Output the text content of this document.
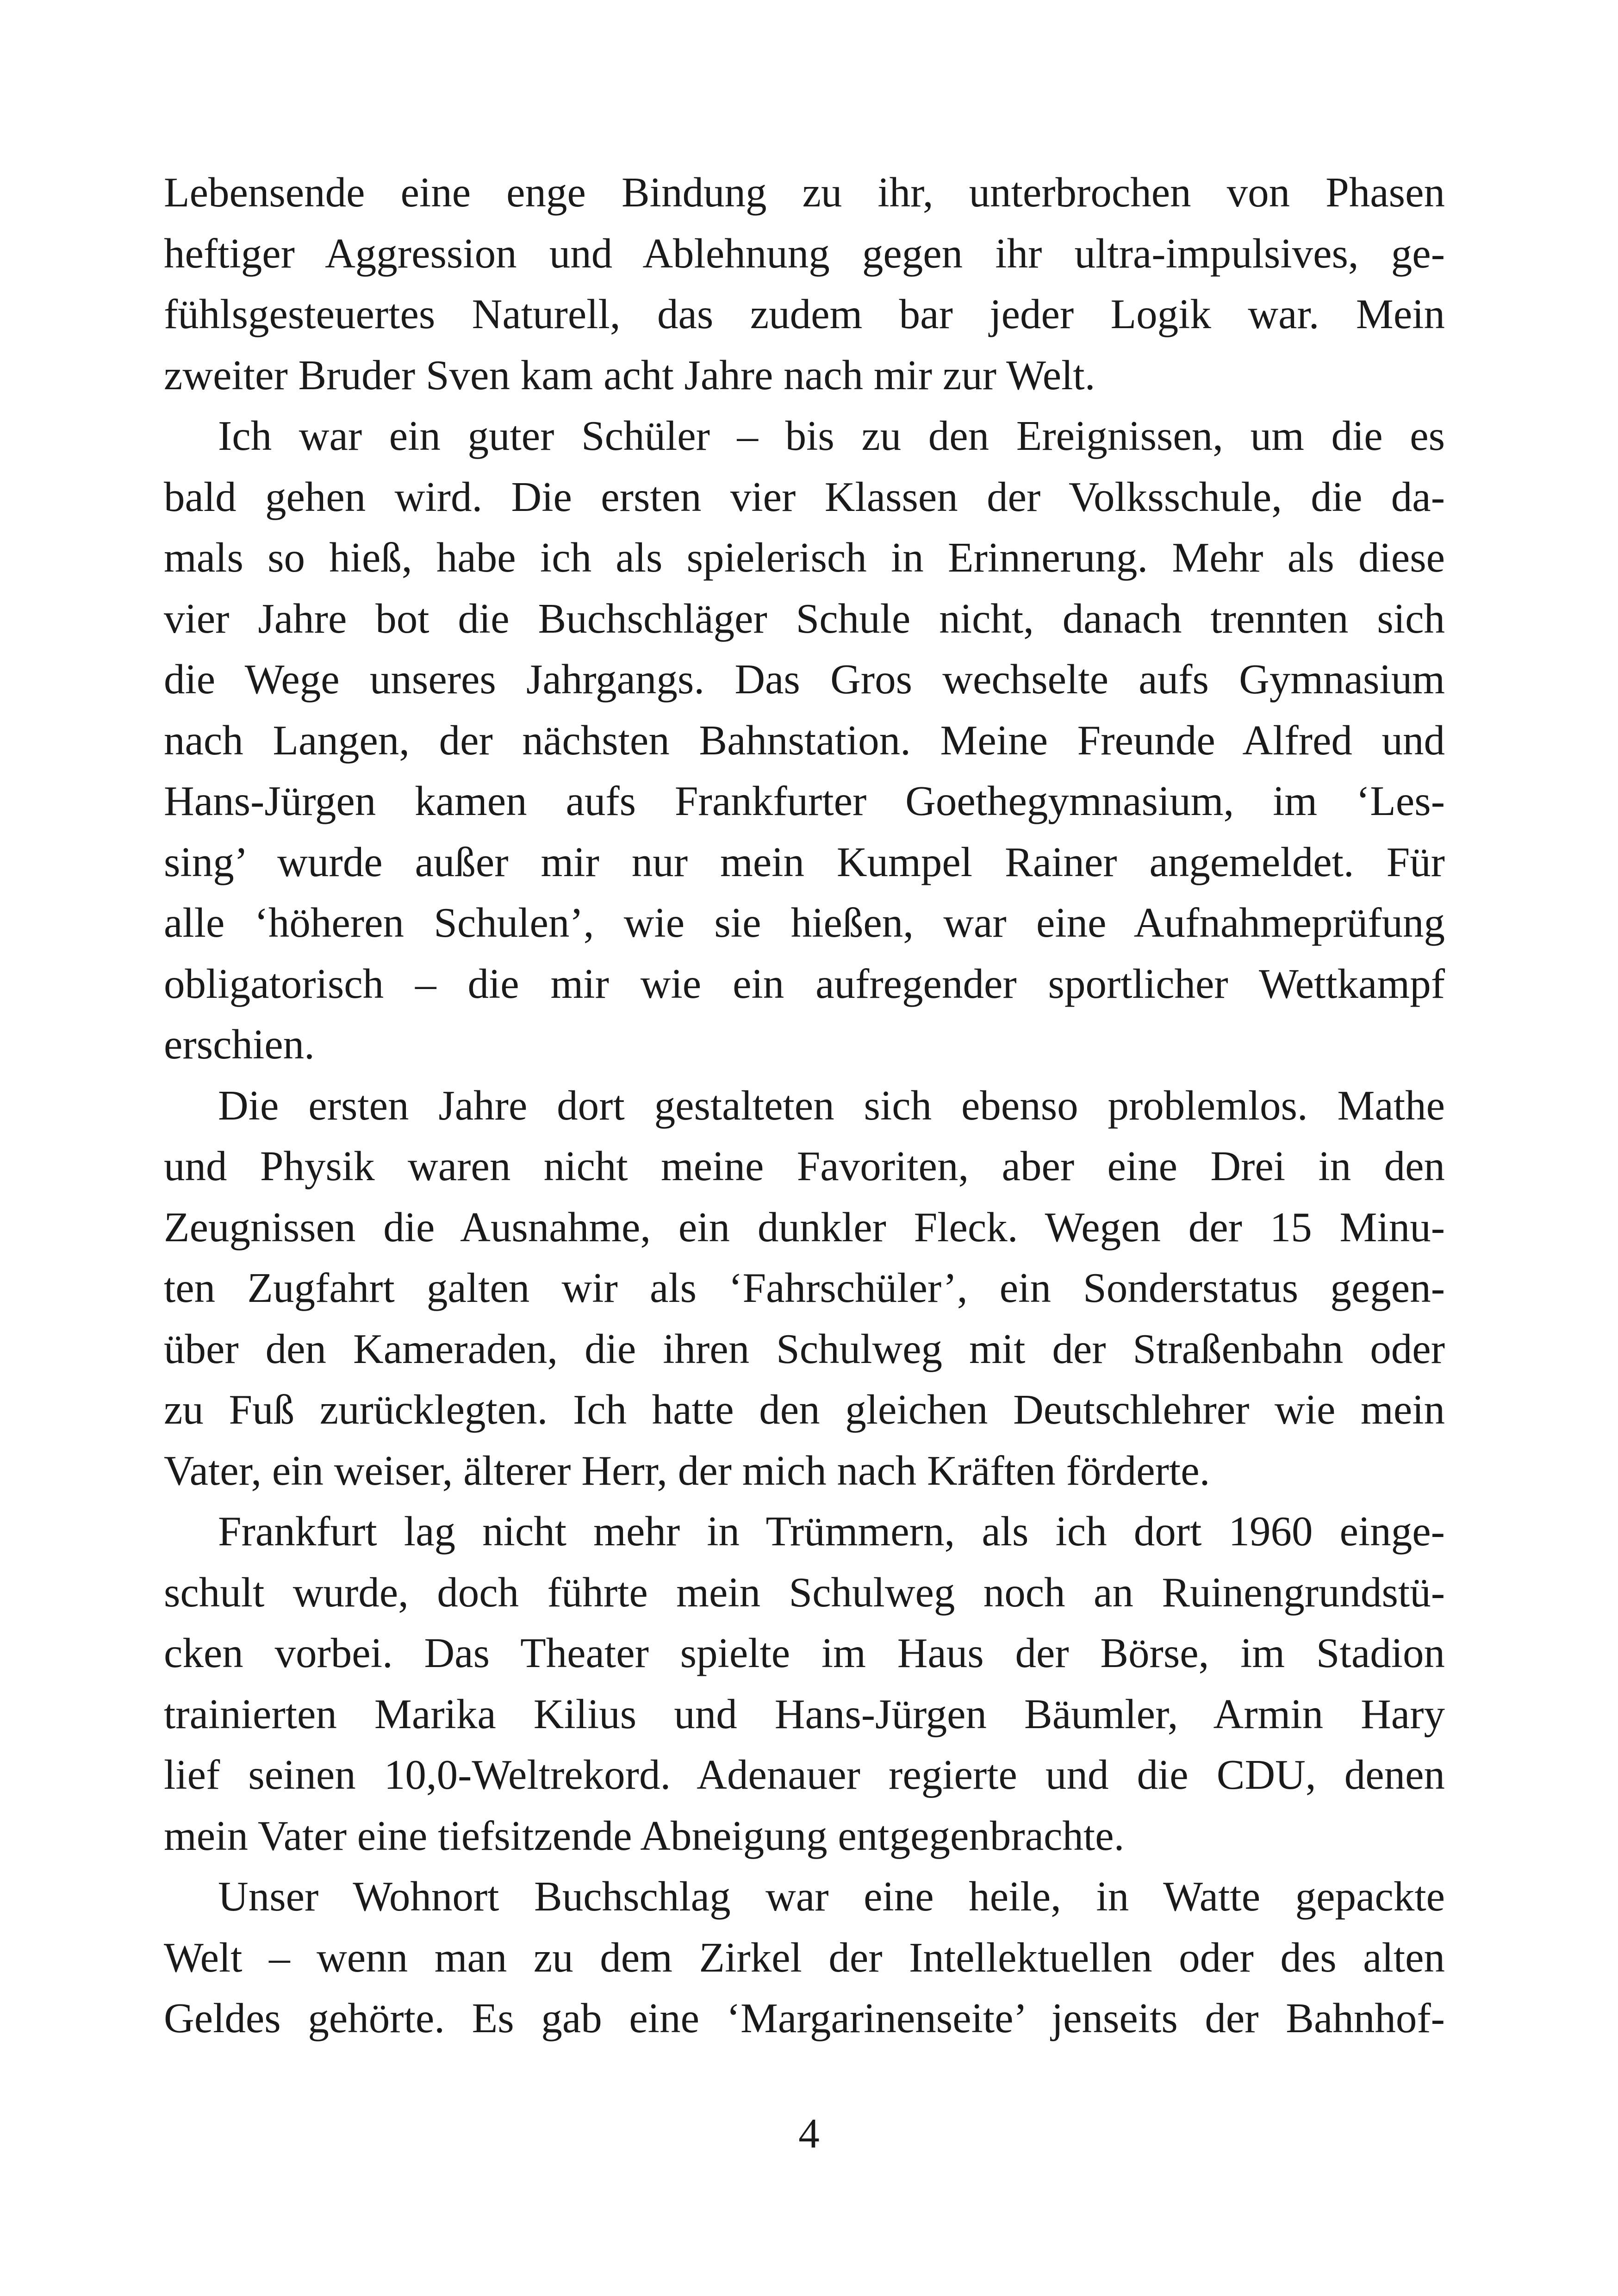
Lebensende eine enge Bindung zu ihr, unterbrochen von Phasen
heftiger Aggression und Ablehnung gegen ihr ultra-impulsives, ge-
fühlsgesteuertes Naturell, das zudem bar jeder Logik war. Mein
zweiter Bruder Sven kam acht Jahre nach mir zur Welt.
Ich war ein guter Schüler – bis zu den Ereignissen, um die es
bald gehen wird. Die ersten vier Klassen der Volksschule, die da-
mals so hieß, habe ich als spielerisch in Erinnerung. Mehr als diese
vier Jahre bot die Buchschläger Schule nicht, danach trennten sich
die Wege unseres Jahrgangs. Das Gros wechselte aufs Gymnasium
nach Langen, der nächsten Bahnstation. Meine Freunde Alfred und
Hans-Jürgen kamen aufs Frankfurter Goethegymnasium, im ‘Les-
sing’ wurde außer mir nur mein Kumpel Rainer angemeldet. Für
alle ‘höheren Schulen’, wie sie hießen, war eine Aufnahmeprüfung
obligatorisch – die mir wie ein aufregender sportlicher Wettkampf
erschien.
Die ersten Jahre dort gestalteten sich ebenso problemlos. Mathe
und Physik waren nicht meine Favoriten, aber eine Drei in den
Zeugnissen die Ausnahme, ein dunkler Fleck. Wegen der 15 Minu-
ten Zugfahrt galten wir als ‘Fahrschüler’, ein Sonderstatus gegen-
über den Kameraden, die ihren Schulweg mit der Straßenbahn oder
zu Fuß zurücklegten. Ich hatte den gleichen Deutschlehrer wie mein
Vater, ein weiser, älterer Herr, der mich nach Kräften förderte.
Frankfurt lag nicht mehr in Trümmern, als ich dort 1960 einge-
schult wurde, doch führte mein Schulweg noch an Ruinengrundstü-
cken vorbei. Das Theater spielte im Haus der Börse, im Stadion
trainierten Marika Kilius und Hans-Jürgen Bäumler, Armin Hary
lief seinen 10,0-Weltrekord. Adenauer regierte und die CDU, denen
mein Vater eine tiefsitzende Abneigung entgegenbrachte.
Unser Wohnort Buchschlag war eine heile, in Watte gepackte
Welt – wenn man zu dem Zirkel der Intellektuellen oder des alten
Geldes gehörte. Es gab eine ‘Margarinenseite’ jenseits der Bahnhof-
4
